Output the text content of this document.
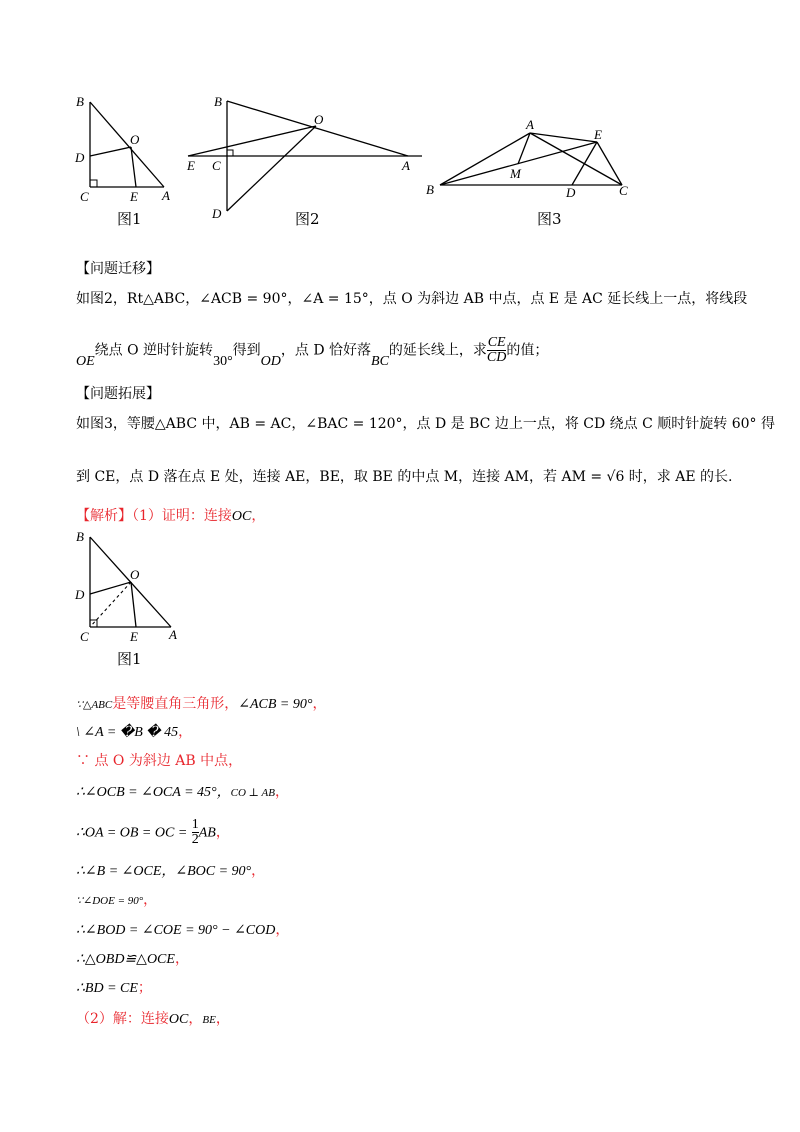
B
O
D
C	E A
图1
B
O
E C	A
D	图2
A
E
M
B	D	C
图3
【问题迁移】
如图2，Rt△ABC，∠ACB = 90°，∠A = 15°，点 O 为斜边 AB 中点，点 E 是 AC 延长线上一点，将线段
OE绕点 O 逆时针旋转30°得到OD，点 D 恰好落BC的延长线上，求 $\frac{CE}{CD}$ 的值；
【问题拓展】
如图3，等腰△ABC 中，AB = AC，∠BAC = 120°，点 D 是 BC 边上一点，将 CD 绕点 C 顺时针旋转 60° 得
到 CE，点 D 落在点 E 处，连接 AE，BE，取 BE 的中点 M，连接 AM，若 AM = √6 时，求 AE 的长.
【解析】（1）证明：连接OC，
B
O
D
C	E A
图1
∵△ABC是等腰直角三角形，∠ACB = 90°，
\ ∠A = �B � 45，
∵ 点 O 为斜边 AB 中点，
∴∠OCB = ∠OCA = 45°，CO ⊥ AB，
∴OA = OB = OC = $\frac{1}{2}$ AB，
∴∠B = ∠OCE，∠BOC = 90°，
∵∠DOE = 90°，
∴∠BOD = ∠COE = 90° − ∠COD，
∴△OBD≌△OCE，
∴BD = CE；
（2）解：连接OC，BE，
